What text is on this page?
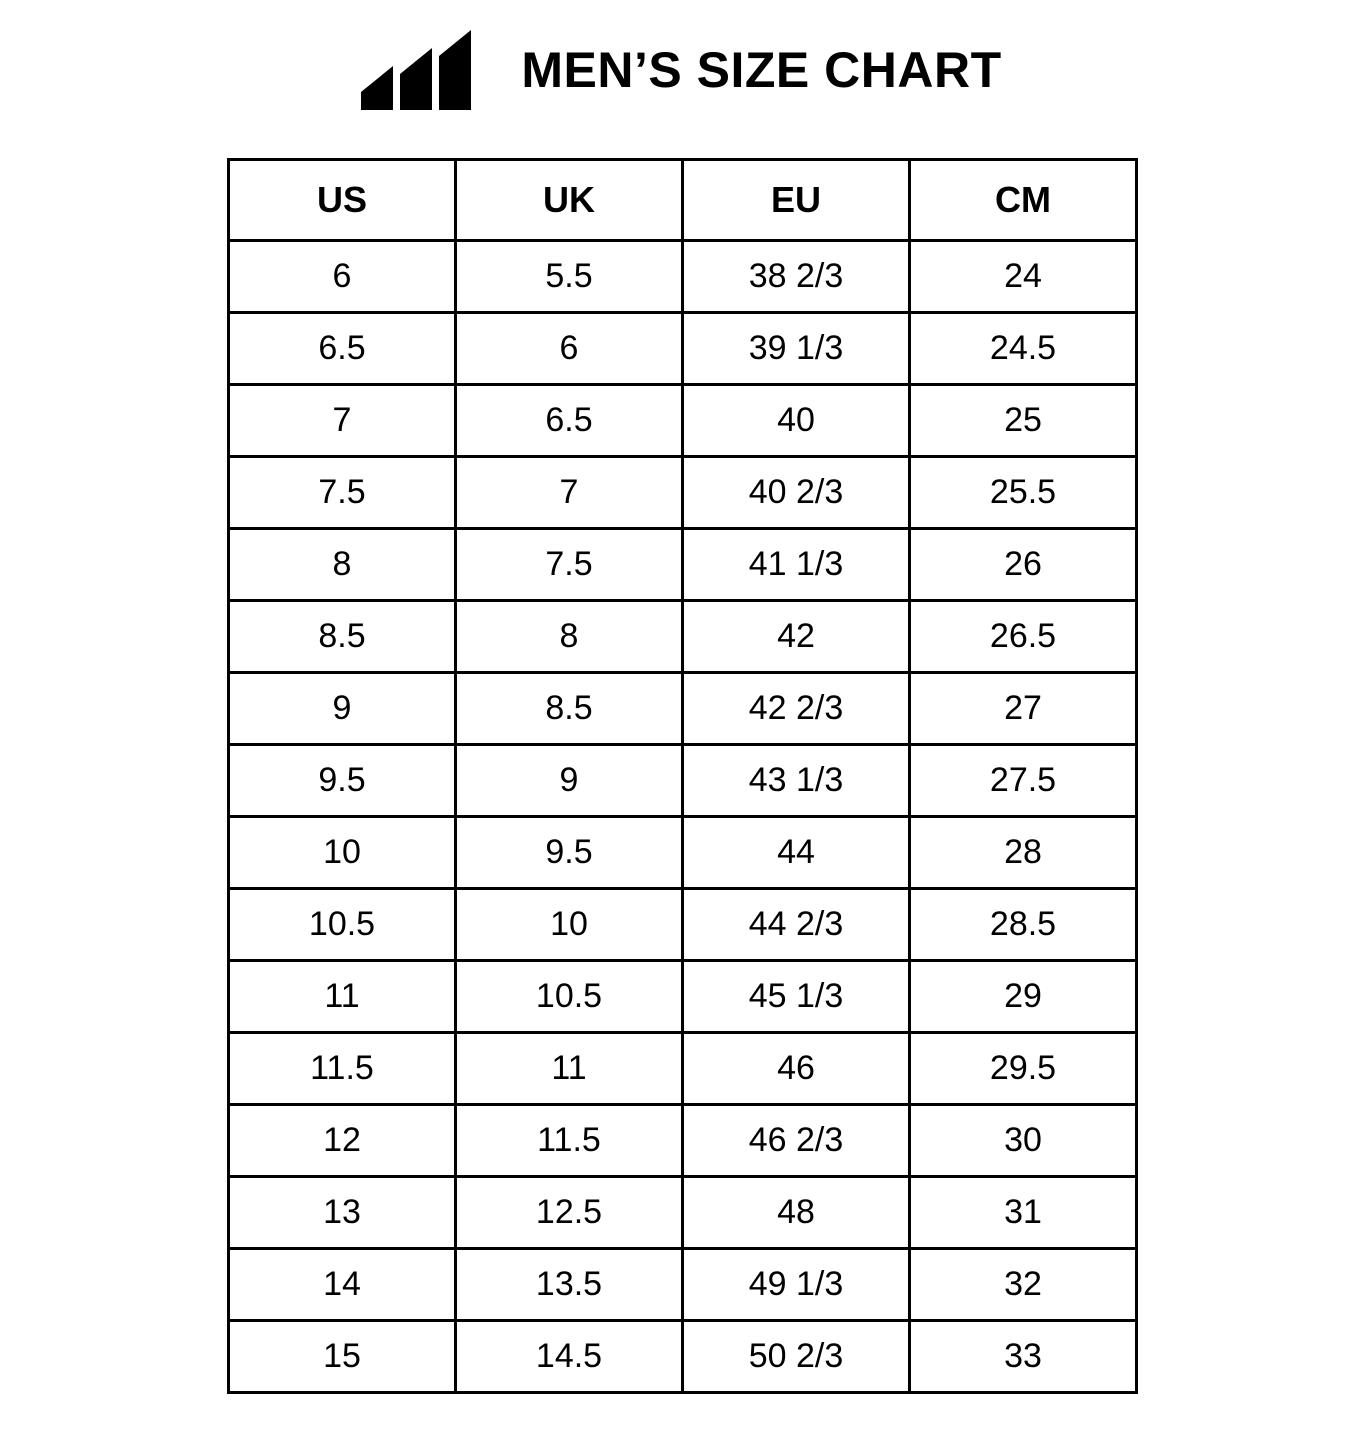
MEN’S SIZE CHART
US	UK	EU	CM
6	5.5	38 2/3	24
6.5	6	39 1/3	24.5
7	6.5	40	25
7.5	7	40 2/3	25.5
8	7.5	41 1/3	26
8.5	8	42	26.5
9	8.5	42 2/3	27
9.5	9	43 1/3	27.5
10	9.5	44	28
10.5	10	44 2/3	28.5
11	10.5	45 1/3	29
11.5	11	46	29.5
12	11.5	46 2/3	30
13	12.5	48	31
14	13.5	49 1/3	32
15	14.5	50 2/3	33
